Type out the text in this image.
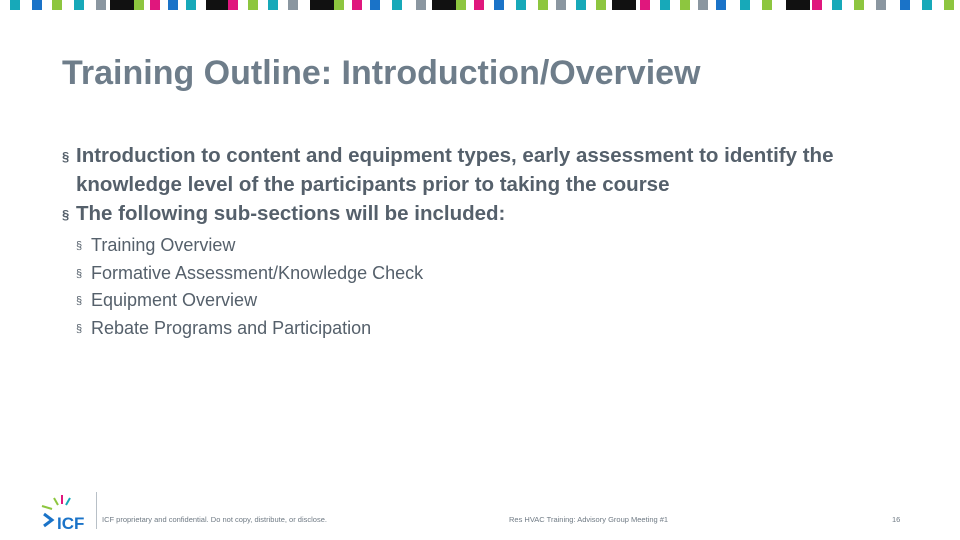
Training Outline: Introduction/Overview
§ Introduction to content and equipment types, early assessment to identify the knowledge level of the participants prior to taking the course
§ The following sub-sections will be included:
§ Training Overview
§ Formative Assessment/Knowledge Check
§ Equipment Overview
§ Rebate Programs and Participation
ICF ICF proprietary and confidential. Do not copy, distribute, or disclose.	Res HVAC Training: Advisory Group Meeting #1	16
